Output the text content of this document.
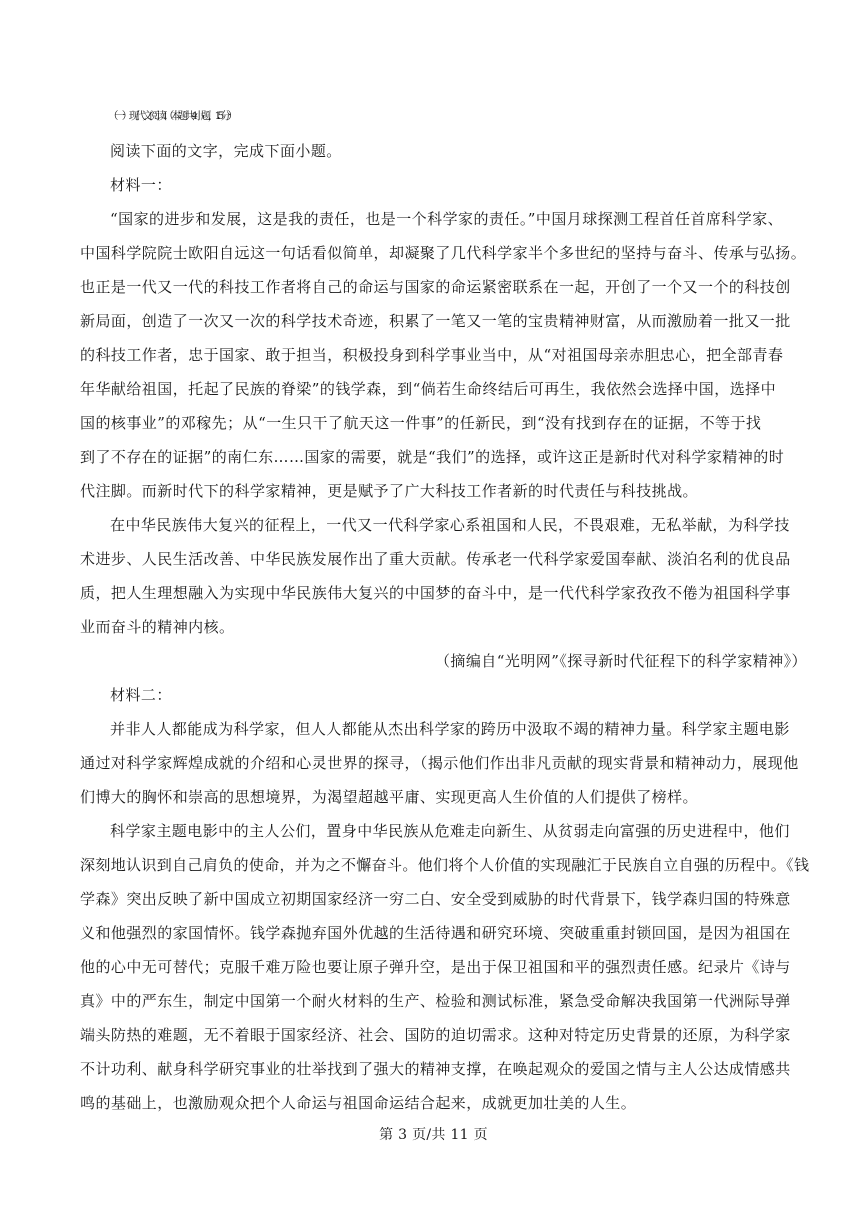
（一）现代文阅读Ⅰ（本题共 4 小题，15 分）
阅读下面的文字，完成下面小题。
材料一：
“国家的进步和发展，这是我的责任，也是一个科学家的责任。”中国月球探测工程首任首席科学家、
中国科学院院士欧阳自远这一句话看似简单，却凝聚了几代科学家半个多世纪的坚持与奋斗、传承与弘扬。
也正是一代又一代的科技工作者将自己的命运与国家的命运紧密联系在一起，开创了一个又一个的科技创
新局面，创造了一次又一次的科学技术奇迹，积累了一笔又一笔的宝贵精神财富，从而激励着一批又一批
的科技工作者，忠于国家、敢于担当，积极投身到科学事业当中，从“对祖国母亲赤胆忠心，把全部青春
年华献给祖国，托起了民族的脊梁”的钱学森，到“倘若生命终结后可再生，我依然会选择中国，选择中
国的核事业”的邓稼先；从“一生只干了航天这一件事”的任新民，到“没有找到存在的证据，不等于找
到了不存在的证据”的南仁东……国家的需要，就是“我们”的选择，或许这正是新时代对科学家精神的时
代注脚。而新时代下的科学家精神，更是赋予了广大科技工作者新的时代责任与科技挑战。
在中华民族伟大复兴的征程上，一代又一代科学家心系祖国和人民，不畏艰难，无私举献，为科学技
术进步、人民生活改善、中华民族发展作出了重大贡献。传承老一代科学家爱国奉献、淡泊名利的优良品
质，把人生理想融入为实现中华民族伟大复兴的中国梦的奋斗中，是一代代科学家孜孜不倦为祖国科学事
业而奋斗的精神内核。
（摘编自“光明网”《探寻新时代征程下的科学家精神》）
材料二：
并非人人都能成为科学家，但人人都能从杰出科学家的跨历中汲取不竭的精神力量。科学家主题电影
通过对科学家辉煌成就的介绍和心灵世界的探寻，（揭示他们作出非凡贡献的现实背景和精神动力，展现他
们博大的胸怀和崇高的思想境界，为渴望超越平庸、实现更高人生价值的人们提供了榜样。
科学家主题电影中的主人公们，置身中华民族从危难走向新生、从贫弱走向富强的历史进程中，他们
深刻地认识到自己肩负的使命，并为之不懈奋斗。他们将个人价值的实现融汇于民族自立自强的历程中。《钱
学森》突出反映了新中国成立初期国家经济一穷二白、安全受到威胁的时代背景下，钱学森归国的特殊意
义和他强烈的家国情怀。钱学森抛弃国外优越的生活待遇和研究环境、突破重重封锁回国，是因为祖国在
他的心中无可替代；克服千难万险也要让原子弹升空，是出于保卫祖国和平的强烈责任感。纪录片《诗与
真》中的严东生，制定中国第一个耐火材料的生产、检验和测试标准，紧急受命解决我国第一代洲际导弹
端头防热的难题，无不着眼于国家经济、社会、国防的迫切需求。这种对特定历史背景的还原，为科学家
不计功利、献身科学研究事业的壮举找到了强大的精神支撑，在唤起观众的爱国之情与主人公达成情感共
鸣的基础上，也激励观众把个人命运与祖国命运结合起来，成就更加壮美的人生。
第 3 页/共 11 页
